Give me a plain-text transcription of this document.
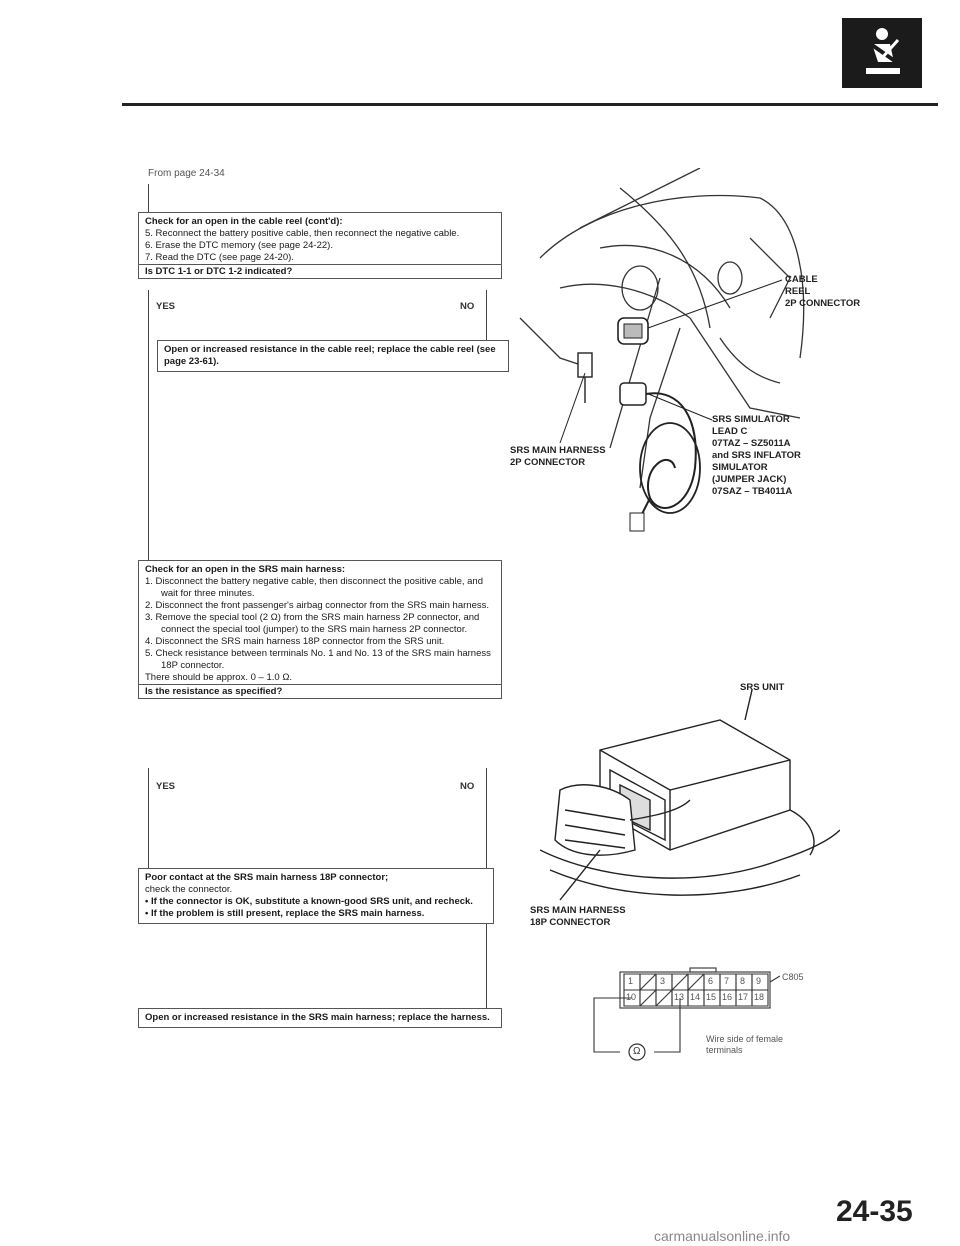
From page 24-34
Check for an open in the cable reel (cont'd):
5. Reconnect the battery positive cable, then reconnect the negative cable.
6. Erase the DTC memory (see page 24-22).
7. Read the DTC (see page 24-20).
Is DTC 1-1 or DTC 1-2 indicated?
YES	NO
Open or increased resistance in the cable reel; replace the cable reel (see page 23-61).
Check for an open in the SRS main harness:
1. Disconnect the battery negative cable, then disconnect the positive cable, and wait for three minutes.
2. Disconnect the front passenger's airbag connector from the SRS main harness.
3. Remove the special tool (2 Ω) from the SRS main harness 2P connector, and connect the special tool (jumper) to the SRS main harness 2P connector.
4. Disconnect the SRS main harness 18P connector from the SRS unit.
5. Check resistance between terminals No. 1 and No. 13 of the SRS main harness 18P connector.
There should be approx. 0 – 1.0 Ω.
Is the resistance as specified?
YES	NO
Poor contact at the SRS main harness 18P connector;
check the connector.
• If the connector is OK, substitute a known-good SRS unit, and recheck.
• If the problem is still present, replace the SRS main harness.
Open or increased resistance in the SRS main harness; replace the harness.
CABLE
REEL
2P CONNECTOR
SRS MAIN HARNESS
2P CONNECTOR
SRS SIMULATOR
LEAD C
07TAZ – SZ5011A
and SRS INFLATOR
SIMULATOR
(JUMPER JACK)
07SAZ – TB4011A
SRS UNIT
SRS MAIN HARNESS
18P CONNECTOR
C805
1	3	6 7 8 9
10	13 14 15 16 17 18
Ω
Wire side of female
terminals
24-35
carmanualsonline.info
